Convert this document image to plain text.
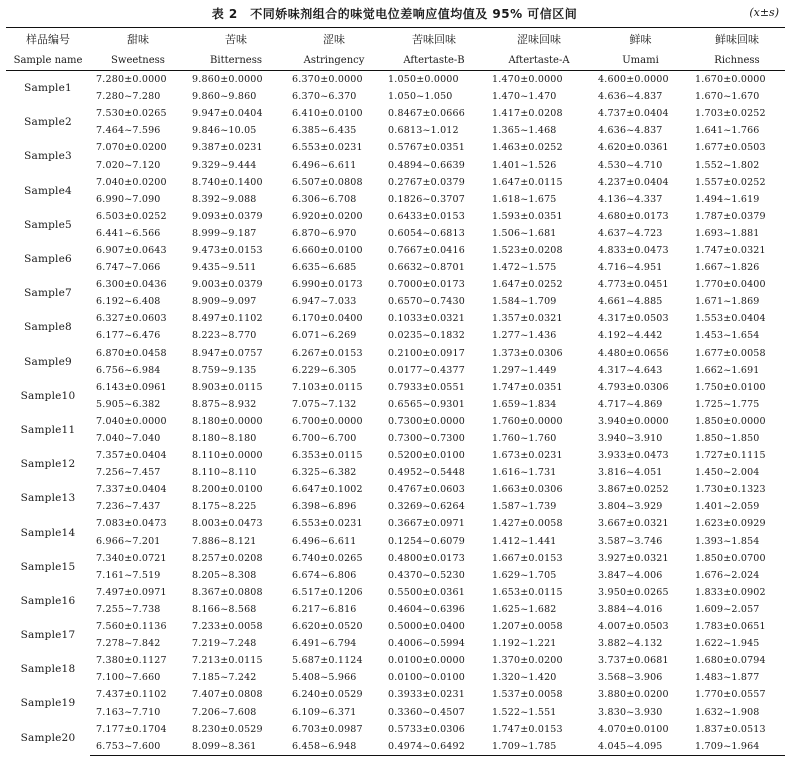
表 2　不同娇味剂组合的味觉电位差响应值均值及 95% 可信区间	(x±s)
样品编号	甜味	苦味	涩味	苦味回味	涩味回味	鲜味	鲜味回味
Sample name	Sweetness	Bitterness	Astringency	Aftertaste-B	Aftertaste-A	Umami	Richness
Sample1	7.280±0.0000	9.860±0.0000	6.370±0.0000	1.050±0.0000	1.470±0.0000	4.600±0.0000	1.670±0.0000
	7.280~7.280	9.860~9.860	6.370~6.370	1.050~1.050	1.470~1.470	4.636~4.837	1.670~1.670
Sample2	7.530±0.0265	9.947±0.0404	6.410±0.0100	0.8467±0.0666	1.417±0.0208	4.737±0.0404	1.703±0.0252
	7.464~7.596	9.846~10.05	6.385~6.435	0.6813~1.012	1.365~1.468	4.636~4.837	1.641~1.766
Sample3	7.070±0.0200	9.387±0.0231	6.553±0.0231	0.5767±0.0351	1.463±0.0252	4.620±0.0361	1.677±0.0503
	7.020~7.120	9.329~9.444	6.496~6.611	0.4894~0.6639	1.401~1.526	4.530~4.710	1.552~1.802
Sample4	7.040±0.0200	8.740±0.1400	6.507±0.0808	0.2767±0.0379	1.647±0.0115	4.237±0.0404	1.557±0.0252
	6.990~7.090	8.392~9.088	6.306~6.708	0.1826~0.3707	1.618~1.675	4.136~4.337	1.494~1.619
Sample5	6.503±0.0252	9.093±0.0379	6.920±0.0200	0.6433±0.0153	1.593±0.0351	4.680±0.0173	1.787±0.0379
	6.441~6.566	8.999~9.187	6.870~6.970	0.6054~0.6813	1.506~1.681	4.637~4.723	1.693~1.881
Sample6	6.907±0.0643	9.473±0.0153	6.660±0.0100	0.7667±0.0416	1.523±0.0208	4.833±0.0473	1.747±0.0321
	6.747~7.066	9.435~9.511	6.635~6.685	0.6632~0.8701	1.472~1.575	4.716~4.951	1.667~1.826
Sample7	6.300±0.0436	9.003±0.0379	6.990±0.0173	0.7000±0.0173	1.647±0.0252	4.773±0.0451	1.770±0.0400
	6.192~6.408	8.909~9.097	6.947~7.033	0.6570~0.7430	1.584~1.709	4.661~4.885	1.671~1.869
Sample8	6.327±0.0603	8.497±0.1102	6.170±0.0400	0.1033±0.0321	1.357±0.0321	4.317±0.0503	1.553±0.0404
	6.177~6.476	8.223~8.770	6.071~6.269	0.0235~0.1832	1.277~1.436	4.192~4.442	1.453~1.654
Sample9	6.870±0.0458	8.947±0.0757	6.267±0.0153	0.2100±0.0917	1.373±0.0306	4.480±0.0656	1.677±0.0058
	6.756~6.984	8.759~9.135	6.229~6.305	0.0177~0.4377	1.297~1.449	4.317~4.643	1.662~1.691
Sample10	6.143±0.0961	8.903±0.0115	7.103±0.0115	0.7933±0.0551	1.747±0.0351	4.793±0.0306	1.750±0.0100
	5.905~6.382	8.875~8.932	7.075~7.132	0.6565~0.9301	1.659~1.834	4.717~4.869	1.725~1.775
Sample11	7.040±0.0000	8.180±0.0000	6.700±0.0000	0.7300±0.0000	1.760±0.0000	3.940±0.0000	1.850±0.0000
	7.040~7.040	8.180~8.180	6.700~6.700	0.7300~0.7300	1.760~1.760	3.940~3.910	1.850~1.850
Sample12	7.357±0.0404	8.110±0.0000	6.353±0.0115	0.5200±0.0100	1.673±0.0231	3.933±0.0473	1.727±0.1115
	7.256~7.457	8.110~8.110	6.325~6.382	0.4952~0.5448	1.616~1.731	3.816~4.051	1.450~2.004
Sample13	7.337±0.0404	8.200±0.0100	6.647±0.1002	0.4767±0.0603	1.663±0.0306	3.867±0.0252	1.730±0.1323
	7.236~7.437	8.175~8.225	6.398~6.896	0.3269~0.6264	1.587~1.739	3.804~3.929	1.401~2.059
Sample14	7.083±0.0473	8.003±0.0473	6.553±0.0231	0.3667±0.0971	1.427±0.0058	3.667±0.0321	1.623±0.0929
	6.966~7.201	7.886~8.121	6.496~6.611	0.1254~0.6079	1.412~1.441	3.587~3.746	1.393~1.854
Sample15	7.340±0.0721	8.257±0.0208	6.740±0.0265	0.4800±0.0173	1.667±0.0153	3.927±0.0321	1.850±0.0700
	7.161~7.519	8.205~8.308	6.674~6.806	0.4370~0.5230	1.629~1.705	3.847~4.006	1.676~2.024
Sample16	7.497±0.0971	8.367±0.0808	6.517±0.1206	0.5500±0.0361	1.653±0.0115	3.950±0.0265	1.833±0.0902
	7.255~7.738	8.166~8.568	6.217~6.816	0.4604~0.6396	1.625~1.682	3.884~4.016	1.609~2.057
Sample17	7.560±0.1136	7.233±0.0058	6.620±0.0520	0.5000±0.0400	1.207±0.0058	4.007±0.0503	1.783±0.0651
	7.278~7.842	7.219~7.248	6.491~6.794	0.4006~0.5994	1.192~1.221	3.882~4.132	1.622~1.945
Sample18	7.380±0.1127	7.213±0.0115	5.687±0.1124	0.0100±0.0000	1.370±0.0200	3.737±0.0681	1.680±0.0794
	7.100~7.660	7.185~7.242	5.408~5.966	0.0100~0.0100	1.320~1.420	3.568~3.906	1.483~1.877
Sample19	7.437±0.1102	7.407±0.0808	6.240±0.0529	0.3933±0.0231	1.537±0.0058	3.880±0.0200	1.770±0.0557
	7.163~7.710	7.206~7.608	6.109~6.371	0.3360~0.4507	1.522~1.551	3.830~3.930	1.632~1.908
Sample20	7.177±0.1704	8.230±0.0529	6.703±0.0987	0.5733±0.0306	1.747±0.0153	4.070±0.0100	1.837±0.0513
	6.753~7.600	8.099~8.361	6.458~6.948	0.4974~0.6492	1.709~1.785	4.045~4.095	1.709~1.964
